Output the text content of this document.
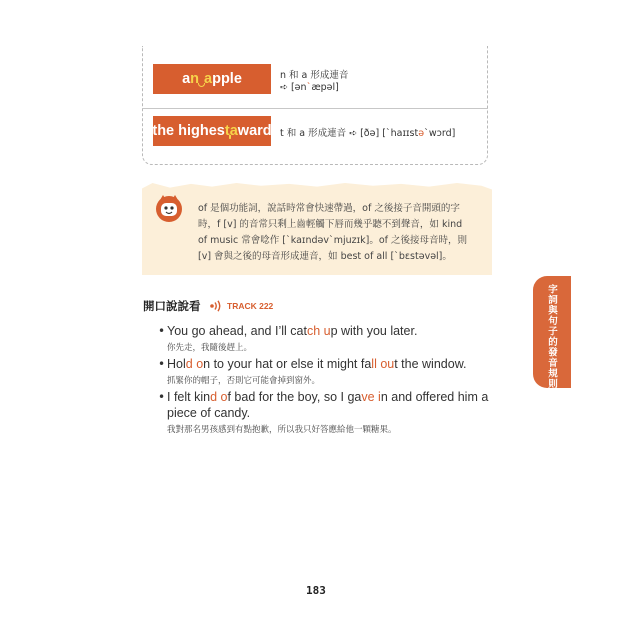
a n a pple	n 和 a 形成連音
➪ [ənˋæpəl]
the highes t a ward t 和 a 形成連音 ➪ [ðə] [ˋhaɪɪstəˋwɔrd]
of 是個功能詞，說話時常會快速帶過，of 之後接子音開頭的字
時，f [v] 的音常只剩上齒輕觸下唇而幾乎聽不到聲音，如 kind
of music 常會唸作 [ˋkaɪndəvˋmjuzɪk]。of 之後接母音時，則
[v] 會與之後的母音形成連音，如 best of all [ˋbɛstəvəl]。
開口說說看	TRACK 222
• You go ahead, and I’ll catch up with you later.
你先走，我隨後趕上。
• Hold on to your hat or else it might fall out the window.
抓緊你的帽子，否則它可能會掉到窗外。
• I felt kind of bad for the boy, so I gave in and offered him a
piece of candy.
我對那名男孩感到有點抱歉，所以我只好答應給他一顆糖果。
字詞與句子的發音規則
183
